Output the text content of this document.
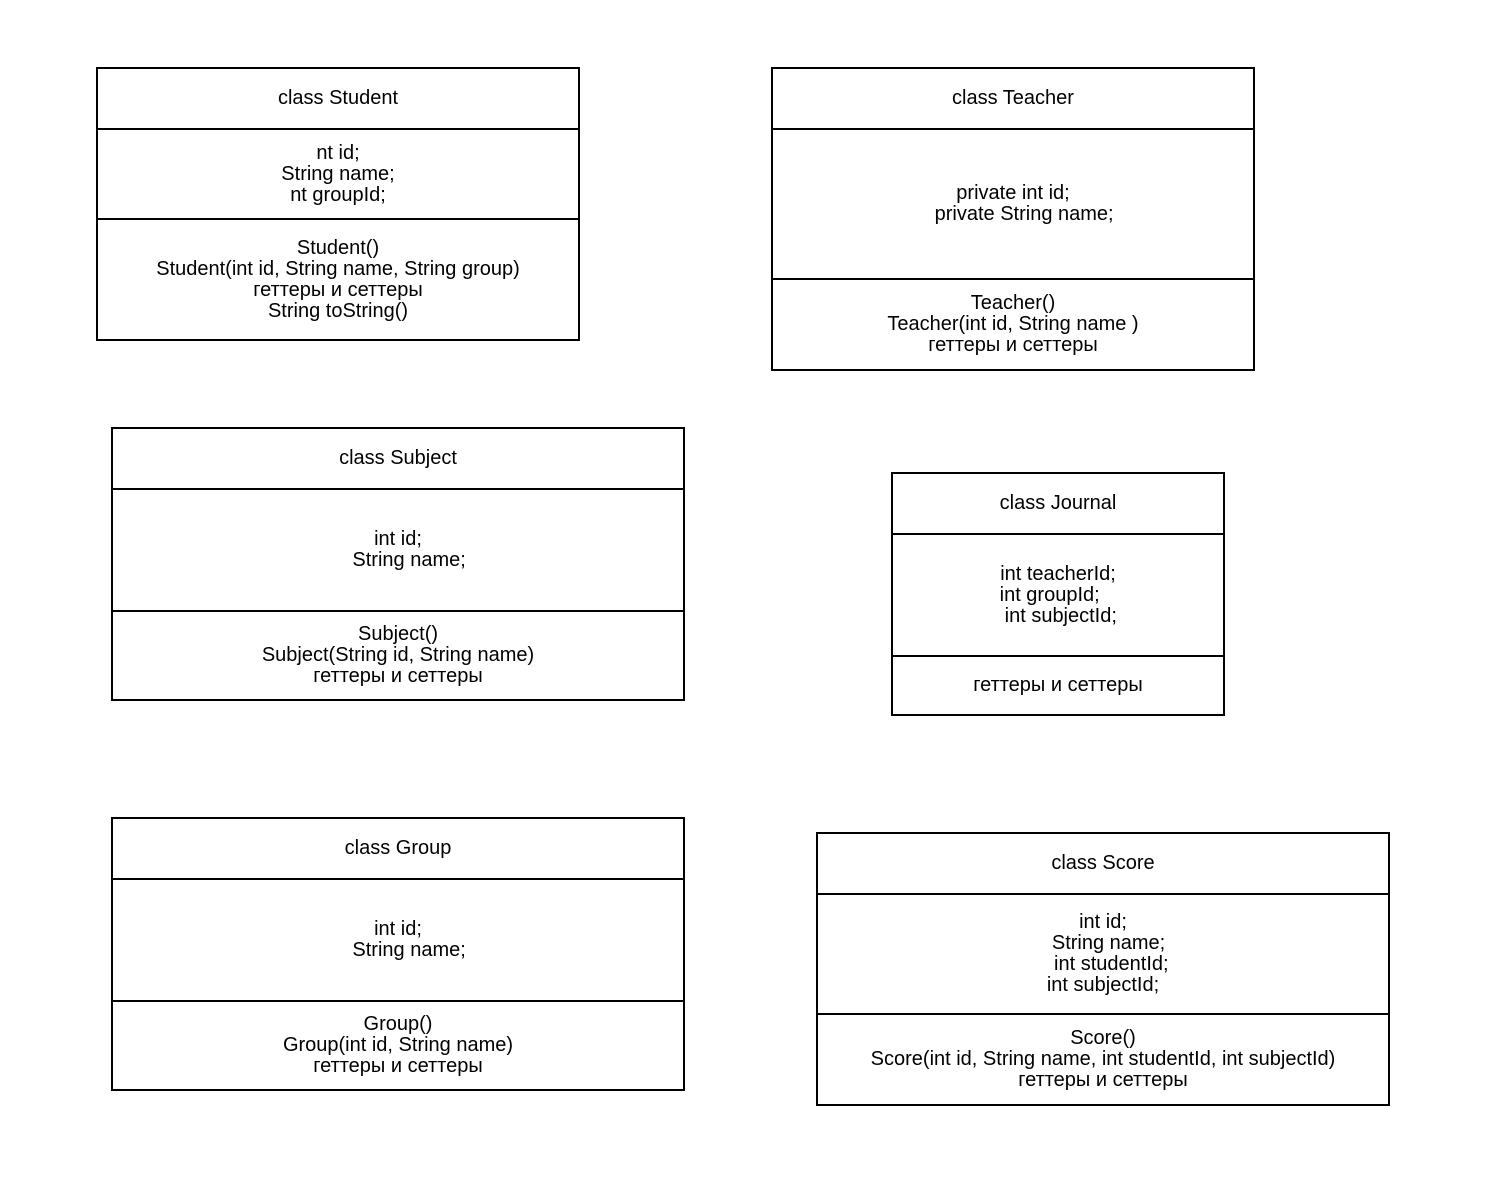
class Student
nt id;
String name;
nt groupId;
Student()
Student(int id, String name, String group)
геттеры и сеттеры
String toString()
class Teacher
private int id;
private String name;
Teacher()
Teacher(int id, String name )
геттеры и сеттеры
class Subject
int id;
String name;
Subject()
Subject(String id, String name)
геттеры и сеттеры
class Journal
int teacherId;
int groupId;
int subjectId;
геттеры и сеттеры
class Group
int id;
String name;
Group()
Group(int id, String name)
геттеры и сеттеры
class Score
int id;
String name;
int studentId;
int subjectId;
Score()
Score(int id, String name, int studentId, int subjectId)
геттеры и сеттеры
